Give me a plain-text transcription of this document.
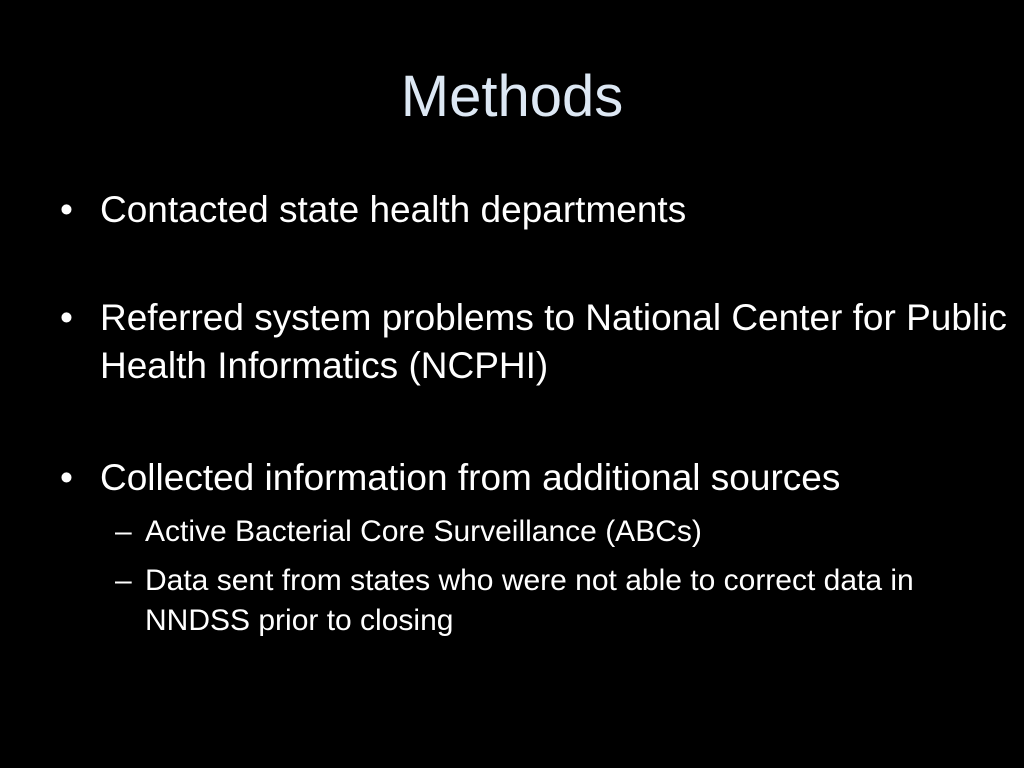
Methods
• Contacted state health departments
• Referred system problems to National Center for Public Health Informatics (NCPHI)
• Collected information from additional sources
– Active Bacterial Core Surveillance (ABCs)
– Data sent from states who were not able to correct data in NNDSS prior to closing
